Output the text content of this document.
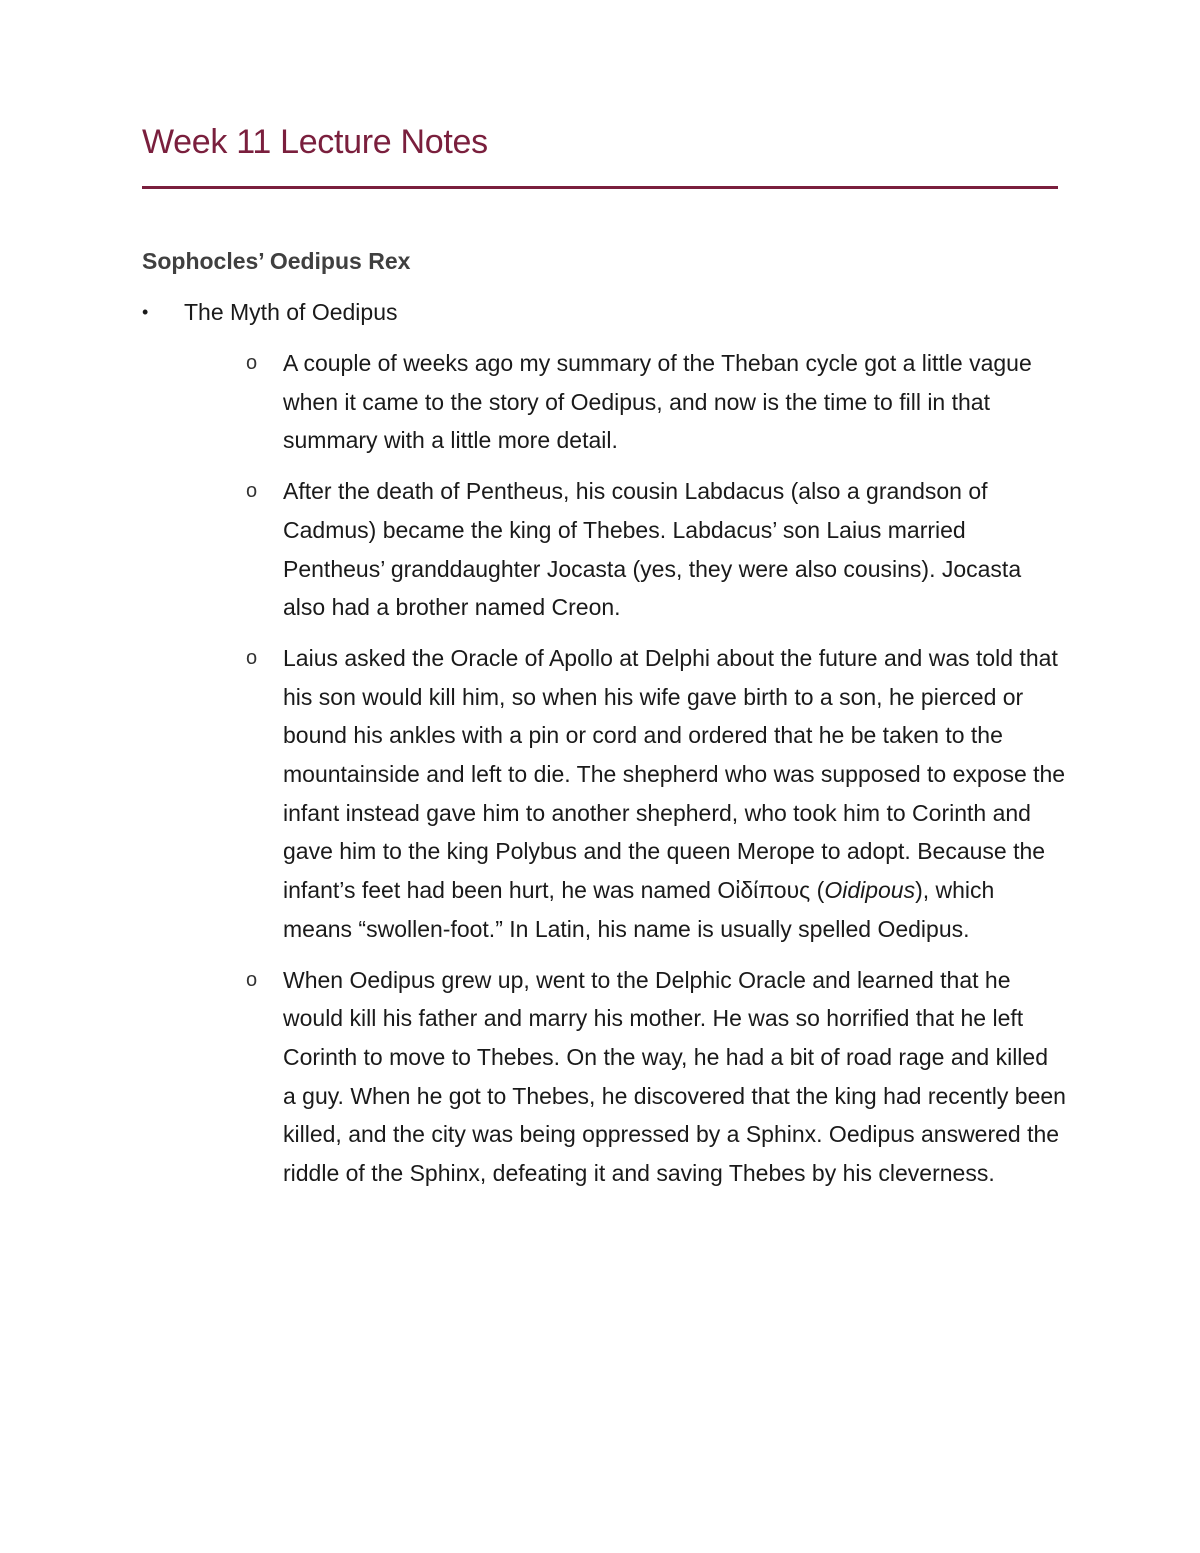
Week 11 Lecture Notes
Sophocles’ Oedipus Rex
•	The Myth of Oedipus
o	A couple of weeks ago my summary of the Theban cycle got a little vague when it came to the story of Oedipus, and now is the time to fill in that summary with a little more detail.
o	After the death of Pentheus, his cousin Labdacus (also a grandson of Cadmus) became the king of Thebes. Labdacus’ son Laius married Pentheus’ granddaughter Jocasta (yes, they were also cousins). Jocasta also had a brother named Creon.
o	Laius asked the Oracle of Apollo at Delphi about the future and was told that his son would kill him, so when his wife gave birth to a son, he pierced or bound his ankles with a pin or cord and ordered that he be taken to the mountainside and left to die. The shepherd who was supposed to expose the infant instead gave him to another shepherd, who took him to Corinth and gave him to the king Polybus and the queen Merope to adopt. Because the infant’s feet had been hurt, he was named Οἰδίπους (Oidipous), which means “swollen-foot.” In Latin, his name is usually spelled Oedipus.
o	When Oedipus grew up, went to the Delphic Oracle and learned that he would kill his father and marry his mother. He was so horrified that he left Corinth to move to Thebes. On the way, he had a bit of road rage and killed a guy. When he got to Thebes, he discovered that the king had recently been killed, and the city was being oppressed by a Sphinx. Oedipus answered the riddle of the Sphinx, defeating it and saving Thebes by his cleverness.
